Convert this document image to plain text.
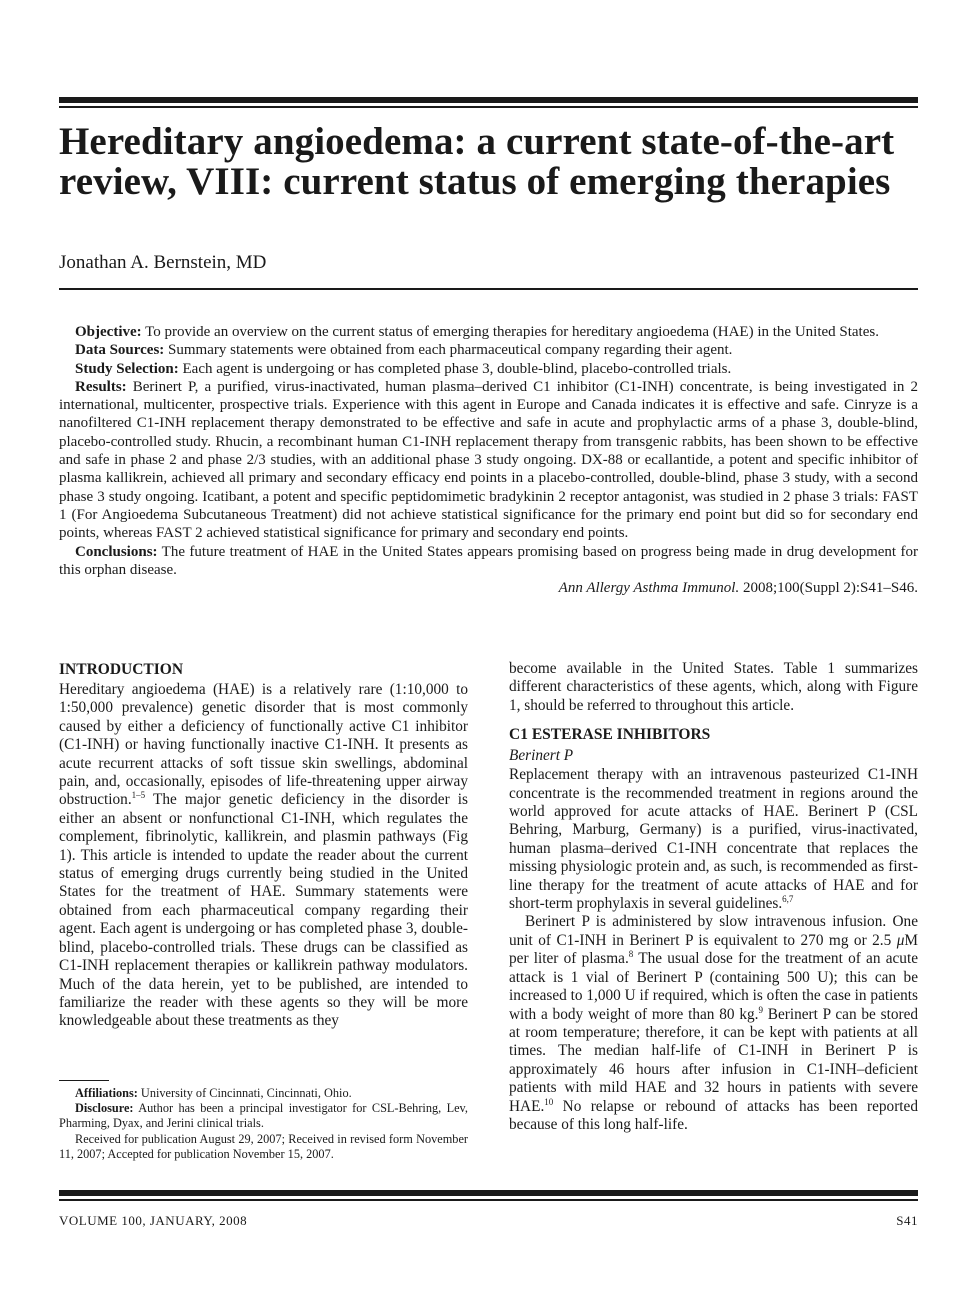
Hereditary angioedema: a current state-of-the-art review, VIII: current status of emerging therapies
Jonathan A. Bernstein, MD

Objective: To provide an overview on the current status of emerging therapies for hereditary angioedema (HAE) in the United States.

Data Sources: Summary statements were obtained from each pharmaceutical company regarding their agent.

Study Selection: Each agent is undergoing or has completed phase 3, double-blind, placebo-controlled trials.

Results: Berinert P, a purified, virus-inactivated, human plasma–derived C1 inhibitor (C1-INH) concentrate, is being investigated in 2 international, multicenter, prospective trials. Experience with this agent in Europe and Canada indicates it is effective and safe. Cinryze is a nanofiltered C1-INH replacement therapy demonstrated to be effective and safe in acute and prophylactic arms of a phase 3, double-blind, placebo-controlled study. Rhucin, a recombinant human C1-INH replacement therapy from transgenic rabbits, has been shown to be effective and safe in phase 2 and phase 2/3 studies, with an additional phase 3 study ongoing. DX-88 or ecallantide, a potent and specific inhibitor of plasma kallikrein, achieved all primary and secondary efficacy end points in a placebo-controlled, double-blind, phase 3 study, with a second phase 3 study ongoing. Icatibant, a potent and specific peptidomimetic bradykinin 2 receptor antagonist, was studied in 2 phase 3 trials: FAST 1 (For Angioedema Subcutaneous Treatment) did not achieve statistical significance for the primary end point but did so for secondary end points, whereas FAST 2 achieved statistical significance for primary and secondary end points.

Conclusions: The future treatment of HAE in the United States appears promising based on progress being made in drug development for this orphan disease.

Ann Allergy Asthma Immunol. 2008;100(Suppl 2):S41–S46.

INTRODUCTION

Hereditary angioedema (HAE) is a relatively rare (1:10,000 to 1:50,000 prevalence) genetic disorder that is most commonly caused by either a deficiency of functionally active C1 inhibitor (C1-INH) or having functionally inactive C1-INH. It presents as acute recurrent attacks of soft tissue skin swellings, abdominal pain, and, occasionally, episodes of life-threatening upper airway obstruction.$^{1-5}$ The major genetic deficiency in the disorder is either an absent or nonfunctional C1-INH, which regulates the complement, fibrinolytic, kallikrein, and plasmin pathways (Fig 1). This article is intended to update the reader about the current status of emerging drugs currently being studied in the United States for the treatment of HAE. Summary statements were obtained from each pharmaceutical company regarding their agent. Each agent is undergoing or has completed phase 3, double-blind, placebo-controlled trials. These drugs can be classified as C1-INH replacement therapies or kallikrein pathway modulators. Much of the data herein, yet to be published, are intended to familiarize the reader with these agents so they will be more knowledgeable about these treatments as they

become available in the United States. Table 1 summarizes different characteristics of these agents, which, along with Figure 1, should be referred to throughout this article.

C1 ESTERASE INHIBITORS
Berinert P

Replacement therapy with an intravenous pasteurized C1-INH concentrate is the recommended treatment in regions around the world approved for acute attacks of HAE. Berinert P (CSL Behring, Marburg, Germany) is a purified, virus-inactivated, human plasma–derived C1-INH concentrate that replaces the missing physiologic protein and, as such, is recommended as first-line therapy for the treatment of acute attacks of HAE and for short-term prophylaxis in several guidelines.$^{6,7}$

Berinert P is administered by slow intravenous infusion. One unit of C1-INH in Berinert P is equivalent to 270 mg or 2.5 μM per liter of plasma.$^8$ The usual dose for the treatment of an acute attack is 1 vial of Berinert P (containing 500 U); this can be increased to 1,000 U if required, which is often the case in patients with a body weight of more than 80 kg.$^9$ Berinert P can be stored at room temperature; therefore, it can be kept with patients at all times. The median half-life of C1-INH in Berinert P is approximately 46 hours after infusion in C1-INH–deficient patients with mild HAE and 32 hours in patients with severe HAE.$^{10}$ No relapse or rebound of attacks has been reported because of this long half-life.

Affiliations: University of Cincinnati, Cincinnati, Ohio.

Disclosure: Author has been a principal investigator for CSL-Behring, Lev, Pharming, Dyax, and Jerini clinical trials.

Received for publication August 29, 2007; Received in revised form November 11, 2007; Accepted for publication November 15, 2007.

VOLUME 100, JANUARY, 2008	S41
